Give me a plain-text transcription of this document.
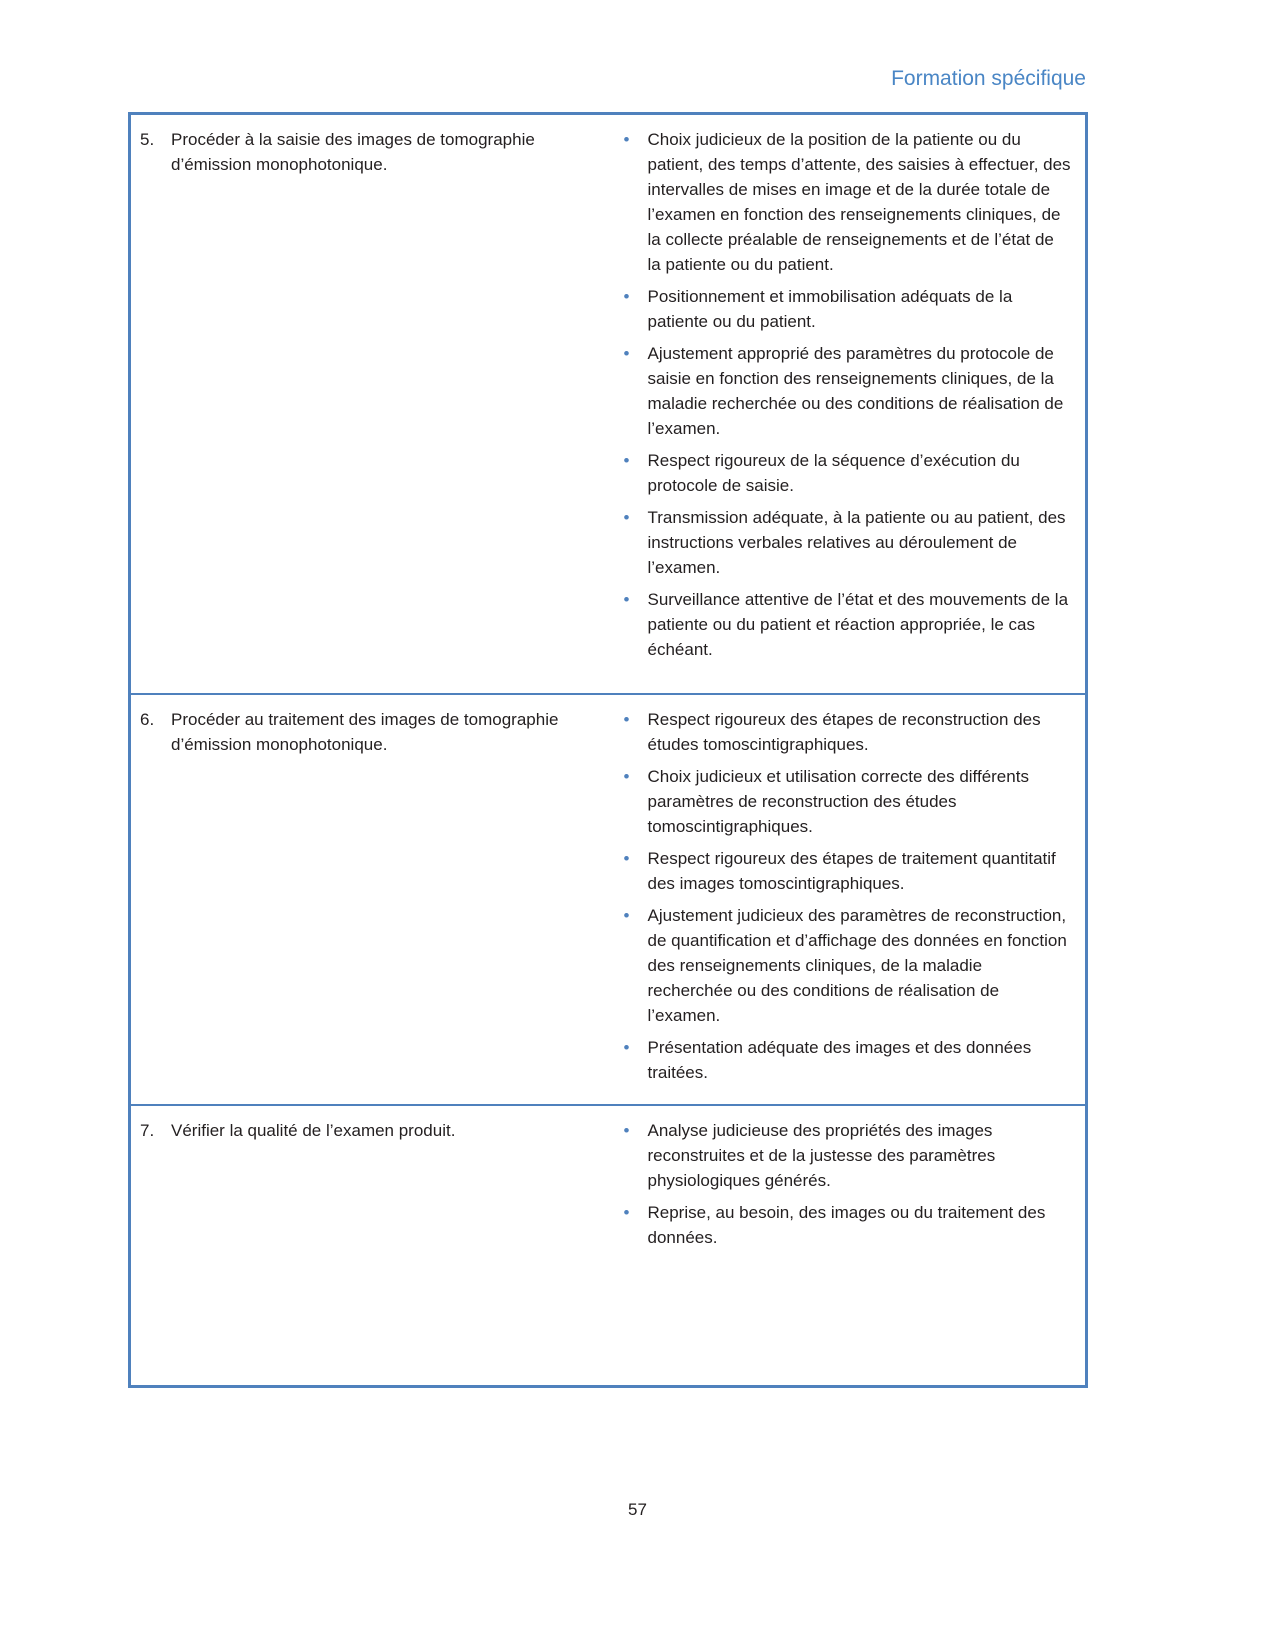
Formation spécifique
5. Procéder à la saisie des images de tomographie d’émission monophotonique.

• Choix judicieux de la position de la patiente ou du patient, des temps d’attente, des saisies à effectuer, des intervalles de mises en image et de la durée totale de l’examen en fonction des renseignements cliniques, de la collecte préalable de renseignements et de l’état de la patiente ou du patient.
• Positionnement et immobilisation adéquats de la patiente ou du patient.
• Ajustement approprié des paramètres du protocole de saisie en fonction des renseignements cliniques, de la maladie recherchée ou des conditions de réalisation de l’examen.
• Respect rigoureux de la séquence d’exécution du protocole de saisie.
• Transmission adéquate, à la patiente ou au patient, des instructions verbales relatives au déroulement de l’examen.
• Surveillance attentive de l’état et des mouvements de la patiente ou du patient et réaction appropriée, le cas échéant.

6. Procéder au traitement des images de tomographie d’émission monophotonique.

• Respect rigoureux des étapes de reconstruction des études tomoscintigraphiques.
• Choix judicieux et utilisation correcte des différents paramètres de reconstruction des études tomoscintigraphiques.
• Respect rigoureux des étapes de traitement quantitatif des images tomoscintigraphiques.
• Ajustement judicieux des paramètres de reconstruction, de quantification et d’affichage des données en fonction des renseignements cliniques, de la maladie recherchée ou des conditions de réalisation de l’examen.
• Présentation adéquate des images et des données traitées.

7. Vérifier la qualité de l’examen produit.	• Analyse judicieuse des propriétés des images reconstruites et de la justesse des paramètres physiologiques générés.
• Reprise, au besoin, des images ou du traitement des données.
57
